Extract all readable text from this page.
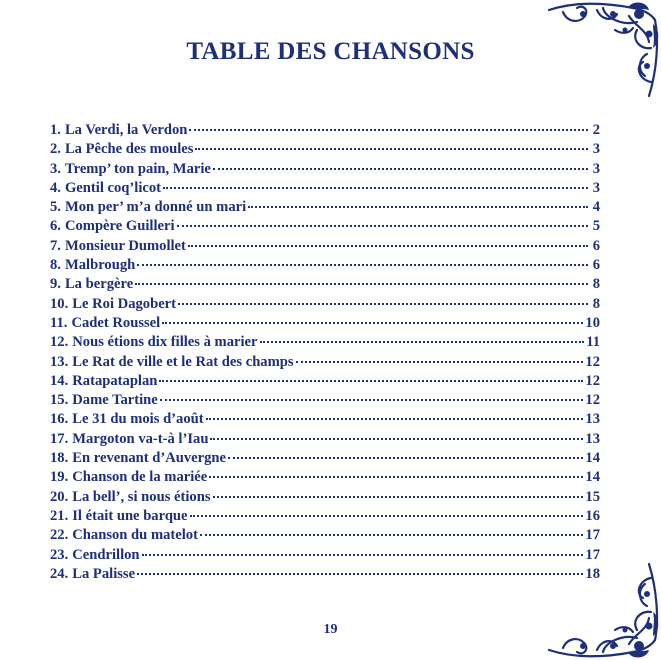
TABLE DES CHANSONS
1. La Verdi, la Verdon	2
2. La Pêche des moules	3
3. Tremp’ ton pain, Marie	3
4. Gentil coq’licot	3
5. Mon per’ m’a donné un mari	4
6. Compère Guilleri	5
7. Monsieur Dumollet	6
8. Malbrough	6
9. La bergère	8
10. Le Roi Dagobert	8
11. Cadet Roussel	10
12. Nous étions dix filles à marier	11
13. Le Rat de ville et le Rat des champs	12
14. Ratapataplan	12
15. Dame Tartine	12
16. Le 31 du mois d’août	13
17. Margoton va-t-à l’Iau	13
18. En revenant d’Auvergne	14
19. Chanson de la mariée	14
20. La bell’, si nous étions	15
21. Il était une barque	16
22. Chanson du matelot	17
23. Cendrillon	17
24. La Palisse	18
19
